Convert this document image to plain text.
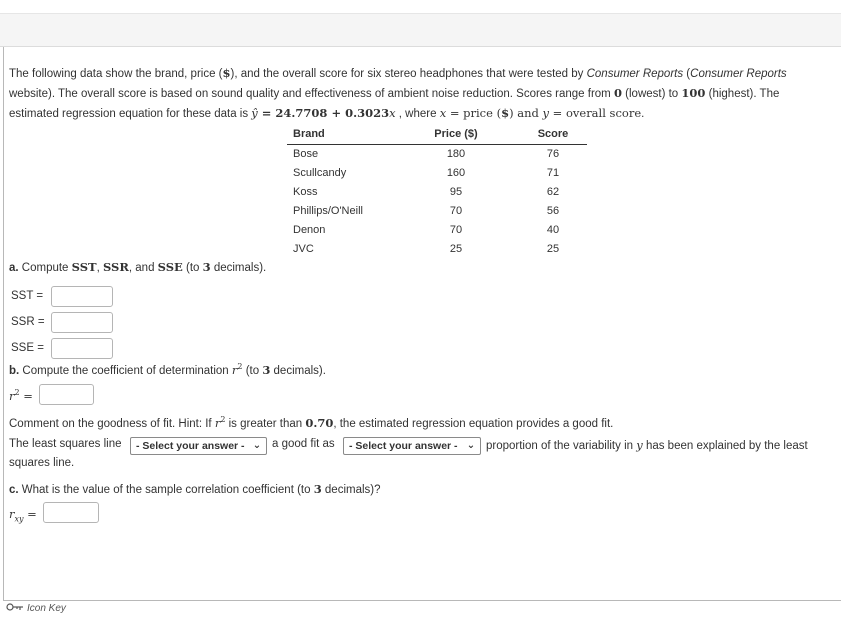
The following data show the brand, price ($), and the overall score for six stereo headphones that were tested by Consumer Reports (Consumer Reports
website). The overall score is based on sound quality and effectiveness of ambient noise reduction. Scores range from 0 (lowest) to 100 (highest). The
estimated regression equation for these data is ŷ = 24.7708 + 0.3023x , where x = price ($) and y = overall score.
Brand	Price ($)	Score
Bose	180	76
Scullcandy	160	71
Koss	95	62
Phillips/O'Neill	70	56
Denon	70	40
JVC	25	25
a. Compute SST, SSR, and SSE (to 3 decimals).
SST =
SSR =
SSE =
b. Compute the coefficient of determination $r^2$ (to 3 decimals).
$r^2$ =
Comment on the goodness of fit. Hint: If $r^2$ is greater than 0.70, the estimated regression equation provides a good fit.
The least squares line	- Select your answer - ⌄ a good fit as	- Select your answer - ⌄ proportion of the variability in y has been explained by the least
squares line.
c. What is the value of the sample correlation coefficient (to 3 decimals)?
$r_{xy}$ =
Icon Key
